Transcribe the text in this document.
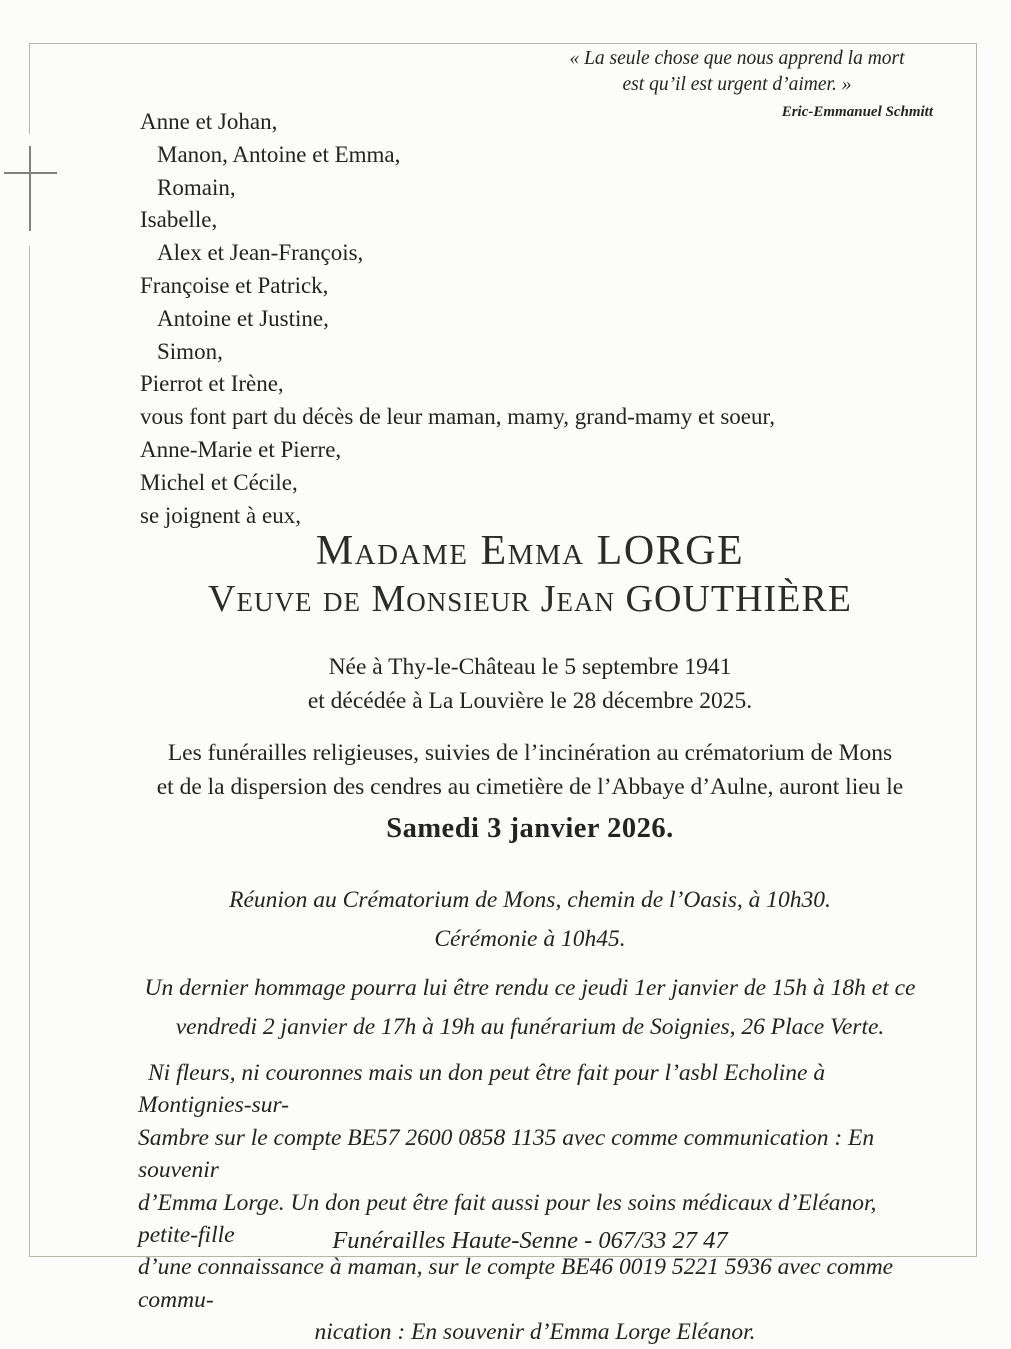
« La seule chose que nous apprend la mort
est qu’il est urgent d’aimer. »
Eric-Emmanuel Schmitt
Anne et Johan,
Manon, Antoine et Emma,
Romain,
Isabelle,
Alex et Jean-François,
Françoise et Patrick,
Antoine et Justine,
Simon,
Pierrot et Irène,
vous font part du décès de leur maman, mamy, grand-mamy et soeur,
Anne-Marie et Pierre,
Michel et Cécile,
se joignent à eux,
Madame Emma LORGE
Veuve de Monsieur Jean GOUTHIÈRE
Née à Thy-le-Château le 5 septembre 1941
et décédée à La Louvière le 28 décembre 2025.
Les funérailles religieuses, suivies de l’incinération au crématorium de Mons
et de la dispersion des cendres au cimetière de l’Abbaye d’Aulne, auront lieu le
Samedi 3 janvier 2026.
Réunion au Crématorium de Mons, chemin de l’Oasis, à 10h30.
Cérémonie à 10h45.
Un dernier hommage pourra lui être rendu ce jeudi 1er janvier de 15h à 18h et ce
vendredi 2 janvier de 17h à 19h au funérarium de Soignies, 26 Place Verte.
Ni fleurs, ni couronnes mais un don peut être fait pour l’asbl Echoline à Montignies-sur-
Sambre sur le compte BE57 2600 0858 1135 avec comme communication : En souvenir
d’Emma Lorge. Un don peut être fait aussi pour les soins médicaux d’Eléanor, petite-fille
d’une connaissance à maman, sur le compte BE46 0019 5221 5936 avec comme commu-
nication : En souvenir d’Emma Lorge Eléanor.
Funérailles Haute-Senne - 067/33 27 47
